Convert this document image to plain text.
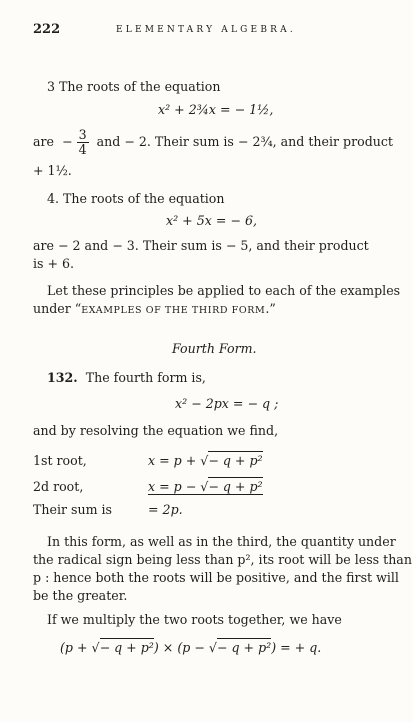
222	ELEMENTARY ALGEBRA.
3 The roots of the equation
x² + 2¾x = − 1½,
are − $\frac{3}{4}$ and − 2. Their sum is − 2¾, and their product
+ 1½.
4. The roots of the equation
x² + 5x = − 6,
are − 2 and − 3. Their sum is − 5, and their product
is + 6.
Let these principles be applied to each of the examples
under “EXAMPLES OF THE THIRD FORM.”
Fourth Form.
132. The fourth form is,
x² − 2px = − q ;
and by resolving the equation we find,
1st root,	x = p + √− q + p²
2d root,	x = p − √− q + p²
Their sum is	= 2p.
In this form, as well as in the third, the quantity under
the radical sign being less than p², its root will be less than
p : hence both the roots will be positive, and the first will
be the greater.
If we multiply the two roots together, we have
(p + √− q + p²) × (p − √− q + p²) = + q.
